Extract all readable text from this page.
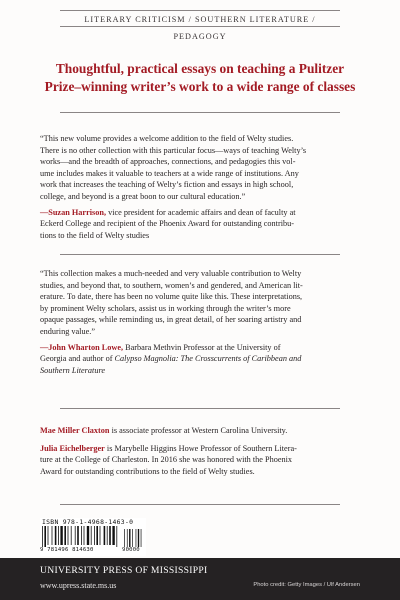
LITERARY CRITICISM / SOUTHERN LITERATURE / PEDAGOGY
Thoughtful, practical essays on teaching a Pulitzer
Prize–winning writer’s work to a wide range of classes

“This new volume provides a welcome addition to the field of Welty studies.
There is no other collection with this particular focus—ways of teaching Welty’s
works—and the breadth of approaches, connections, and pedagogies this vol-
ume includes makes it valuable to teachers at a wide range of institutions. Any
work that increases the teaching of Welty’s fiction and essays in high school,
college, and beyond is a great boon to our cultural education.”

—Suzan Harrison, vice president for academic affairs and dean of faculty at
Eckerd College and recipient of the Phoenix Award for outstanding contribu-
tions to the field of Welty studies

“This collection makes a much-needed and very valuable contribution to Welty
studies, and beyond that, to southern, women’s and gendered, and American lit-
erature. To date, there has been no volume quite like this. These interpretations,
by prominent Welty scholars, assist us in working through the writer’s more
opaque passages, while reminding us, in great detail, of her soaring artistry and
enduring value.”

—John Wharton Lowe, Barbara Methvin Professor at the University of
Georgia and author of Calypso Magnolia: The Crosscurrents of Caribbean and
Southern Literature

Mae Miller Claxton is associate professor at Western Carolina University.

Julia Eichelberger is Marybelle Higgins Howe Professor of Southern Litera-
ture at the College of Charleston. In 2016 she was honored with the Phoenix
Award for outstanding contributions to the field of Welty studies.

ISBN 978-1-4968-1463-0
9 781496 814630	90000
UNIVERSITY PRESS OF MISSISSIPPI
www.upress.state.ms.us	Photo credit: Getty Images / Ulf Andersen
